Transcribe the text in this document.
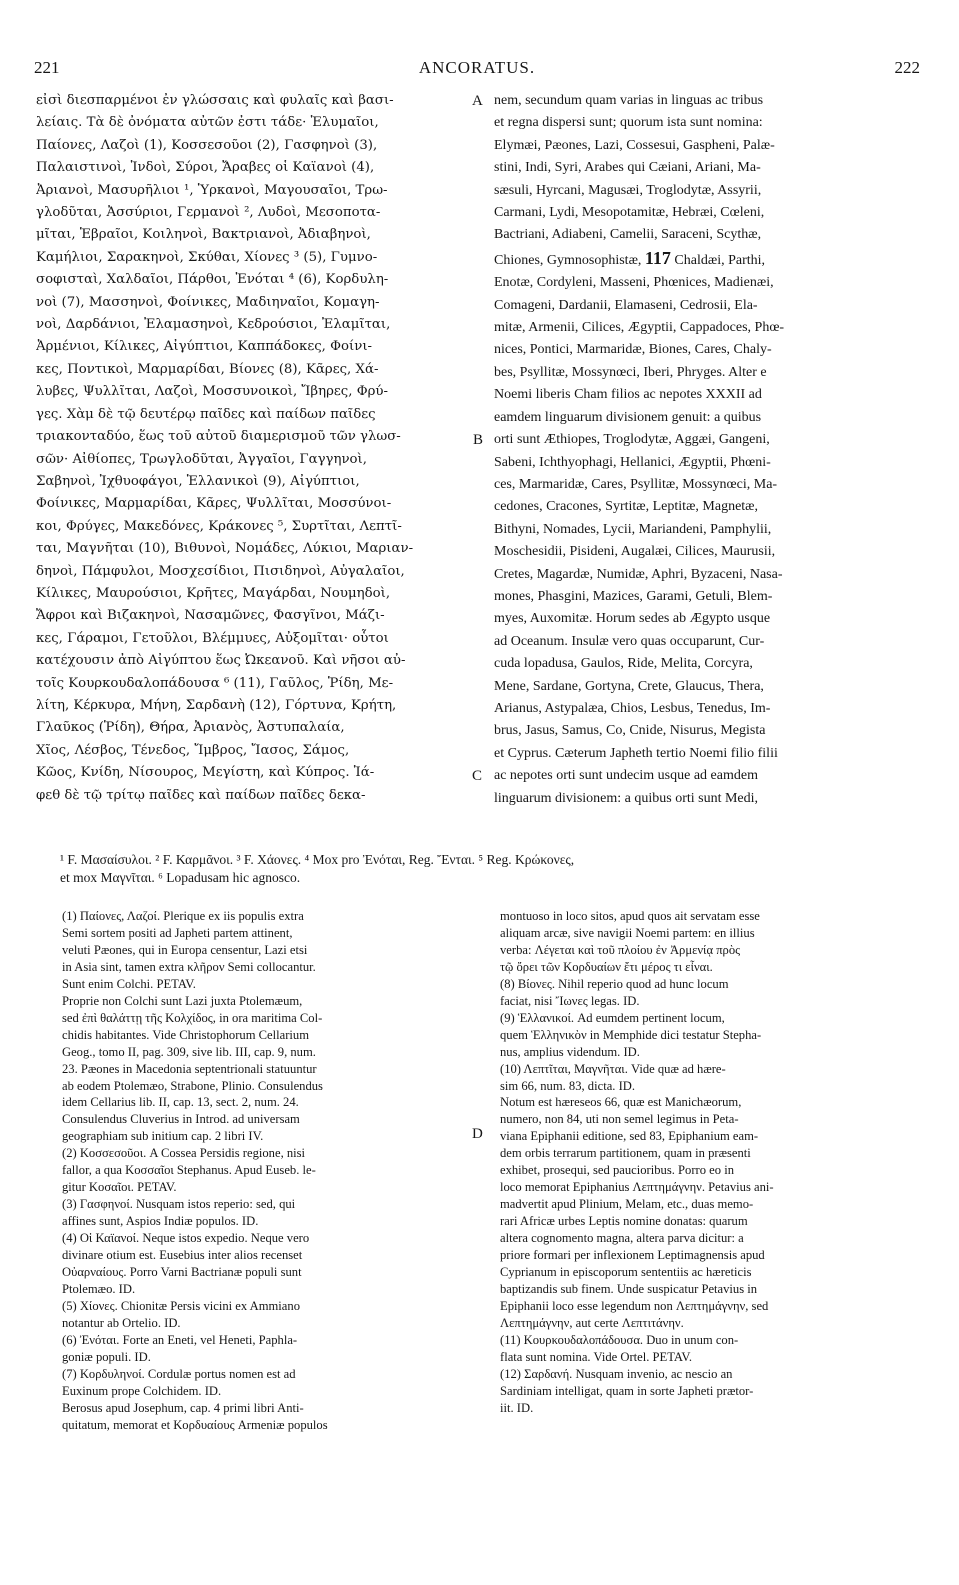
221	ANCORATUS.	222
εἰσὶ διεσπαρμένοι ἐν γλώσσαις καὶ φυλαῖς καὶ βασι-
λείαις. Τὰ δὲ ὀνόματα αὐτῶν ἐστι τάδε· Ἐλυμαῖοι,
Παίονες, Λαζοὶ (1), Κοσσεσοῦοι (2), Γασφηνοὶ (3),
Παλαιστινοὶ, Ἰνδοὶ, Σύροι, Ἄραβες οἱ Καϊανοὶ (4),
Ἀριανοὶ, Μασυρῆλιοι ¹, Ὑρκανοὶ, Μαγουσαῖοι, Τρω-
γλοδῦται, Ἀσσύριοι, Γερμανοὶ ², Λυδοὶ, Μεσοποτα-
μῖται, Ἑβραῖοι, Κοιληνοὶ, Βακτριανοὶ, Ἀδιαβηνοὶ,
Καμήλιοι, Σαρακηνοὶ, Σκύθαι, Χίονες ³ (5), Γυμνο-
σοφισταὶ, Χαλδαῖοι, Πάρθοι, Ἐνόται ⁴ (6), Κορδυλη-
νοὶ (7), Μασσηνοὶ, Φοίνικες, Μαδιηναῖοι, Κομαγη-
νοὶ, Δαρδάνιοι, Ἐλαμασηνοὶ, Κεδρούσιοι, Ἐλαμῖται,
Ἀρμένιοι, Κίλικες, Αἰγύπτιοι, Καππάδοκες, Φοίνι-
κες, Ποντικοὶ, Μαρμαρίδαι, Βίονες (8), Κᾶρες, Χά-
λυβες, Ψυλλῖται, Λαζοὶ, Μοσσυνοικοὶ, Ἴβηρες, Φρύ-
γες. Χὰμ δὲ τῷ δευτέρῳ παῖδες καὶ παίδων παῖδες
τριακονταδύο, ἕως τοῦ αὐτοῦ διαμερισμοῦ τῶν γλωσ-
σῶν· Αἰθίοπες, Τρωγλοδῦται, Ἀγγαῖοι, Γαγγηνοὶ,
Σαβηνοὶ, Ἰχθυοφάγοι, Ἑλλανικοὶ (9), Αἰγύπτιοι,
Φοίνικες, Μαρμαρίδαι, Κᾶρες, Ψυλλῖται, Μοσσύνοι-
κοι, Φρύγες, Μακεδόνες, Κράκονες ⁵, Συρτῖται, Λεπτῖ-
ται, Μαγνῆται (10), Βιθυνοὶ, Νομάδες, Λύκιοι, Μαριαν-
δηνοὶ, Πάμφυλοι, Μοσχεσίδιοι, Πισιδηνοὶ, Αὐγαλαῖοι,
Κίλικες, Μαυρούσιοι, Κρῆτες, Μαγάρδαι, Νουμηδοὶ,
Ἄφροι καὶ Βιζακηνοὶ, Νασαμῶνες, Φασγῖνοι, Μάζι-
κες, Γάραμοι, Γετοῦλοι, Βλέμμυες, Αὐξομῖται· οὗτοι
κατέχουσιν ἀπὸ Αἰγύπτου ἕως Ὠκεανοῦ. Καὶ νῆσοι αὐ-
τοῖς Κουρκουδαλοπάδουσα ⁶ (11), Γαῦλος, Ῥίδη, Με-
λίτη, Κέρκυρα, Μήνη, Σαρδανὴ (12), Γόρτυνα, Κρήτη,
Γλαῦκος (Ῥίδη), Θήρα, Ἀριανὸς, Ἀστυπαλαία,
Χῖος, Λέσβος, Τένεδος, Ἴμβρος, Ἴασος, Σάμος,
Κῶος, Κνίδη, Νίσουρος, Μεγίστη, καὶ Κύπρος. Ἰά-
φεθ δὲ τῷ τρίτῳ παῖδες καὶ παίδων παῖδες δεκα-
nem, secundum quam varias in linguas ac tribus
et regna dispersi sunt; quorum ista sunt nomina:
Elymæi, Pæones, Lazi, Cossesui, Gaspheni, Palæ-
stini, Indi, Syri, Arabes qui Cæiani, Ariani, Ma-
sæsuli, Hyrcani, Magusæi, Troglodytæ, Assyrii,
Carmani, Lydi, Mesopotamitæ, Hebræi, Cœleni,
Bactriani, Adiabeni, Camelii, Saraceni, Scythæ,
Chiones, Gymnosophistæ, 117 Chaldæi, Parthi,
Enotæ, Cordyleni, Masseni, Phœnices, Madienæi,
Comageni, Dardanii, Elamaseni, Cedrosii, Ela-
mitæ, Armenii, Cilices, Ægyptii, Cappadoces, Phœ-
nices, Pontici, Marmaridæ, Biones, Cares, Chaly-
bes, Psyllitæ, Mossynœci, Iberi, Phryges. Alter e
Noemi liberis Cham filios ac nepotes XXXII ad
eamdem linguarum divisionem genuit: a quibus
orti sunt Æthiopes, Troglodytæ, Aggæi, Gangeni,
Sabeni, Ichthyophagi, Hellanici, Ægyptii, Phœni-
ces, Marmaridæ, Cares, Psyllitæ, Mossynœci, Ma-
cedones, Cracones, Syrtitæ, Leptitæ, Magnetæ,
Bithyni, Nomades, Lycii, Mariandeni, Pamphylii,
Moschesidii, Pisideni, Augalæi, Cilices, Maurusii,
Cretes, Magardæ, Numidæ, Aphri, Byzaceni, Nasa-
mones, Phasgini, Mazices, Garami, Getuli, Blem-
myes, Auxomitæ. Horum sedes ab Ægypto usque
ad Oceanum. Insulæ vero quas occuparunt, Cur-
cuda lopadusa, Gaulos, Ride, Melita, Corcyra,
Mene, Sardane, Gortyna, Crete, Glaucus, Thera,
Arianus, Astypalæa, Chios, Lesbus, Tenedus, Im-
brus, Jasus, Samus, Co, Cnide, Nisurus, Megista
et Cyprus. Cæterum Japheth tertio Noemi filio filii
ac nepotes orti sunt undecim usque ad eamdem
linguarum divisionem: a quibus orti sunt Medi,
A
B
C
D
¹ F. Μασαίσυλοι. ² F. Καρμᾶνοι. ³ F. Χάονες. ⁴ Mox pro Ἐνόται, Reg. Ἔνται. ⁵ Reg. Κρώκονες,
et mox Μαγνῖται. ⁶ Lopadusam hic agnosco.
(1) Παίονες, Λαζοί. Plerique ex iis populis extra
Semi sortem positi ad Japheti partem attinent,
veluti Pæones, qui in Europa censentur, Lazi etsi
in Asia sint, tamen extra κλῆρον Semi collocantur.
Sunt enim Colchi. PETAV.
Proprie non Colchi sunt Lazi juxta Ptolemæum,
sed ἐπὶ θαλάττῃ τῆς Κολχίδος, in ora maritima Col-
chidis habitantes. Vide Christophorum Cellarium
Geog., tomo II, pag. 309, sive lib. III, cap. 9, num.
23. Pæones in Macedonia septentrionali statuuntur
ab eodem Ptolemæo, Strabone, Plinio. Consulendus
idem Cellarius lib. II, cap. 13, sect. 2, num. 24.
Consulendus Cluverius in Introd. ad universam
geographiam sub initium cap. 2 libri IV.
(2) Κοσσεσοῦοι. A Cossea Persidis regione, nisi
fallor, a qua Κοσσαῖοι Stephanus. Apud Euseb. le-
gitur Κοσαῖοι. PETAV.
(3) Γασφηνοί. Nusquam istos reperio: sed, qui
affines sunt, Aspios Indiæ populos. ID.
(4) Οἱ Καϊανοί. Neque istos expedio. Neque vero
divinare otium est. Eusebius inter alios recenset
Οὐαρναίους. Porro Varni Bactrianæ populi sunt
Ptolemæo. ID.
(5) Χίονες. Chionitæ Persis vicini ex Ammiano
notantur ab Ortelio. ID.
(6) Ἐνόται. Forte an Eneti, vel Heneti, Paphla-
goniæ populi. ID.
(7) Κορδυληνοί. Cordulæ portus nomen est ad
Euxinum prope Colchidem. ID.
Berosus apud Josephum, cap. 4 primi libri Anti-
quitatum, memorat et Κορδυαίους Armeniæ populos
montuoso in loco sitos, apud quos ait servatam esse
aliquam arcæ, sive navigii Noemi partem: en illius
verba: Λέγεται καὶ τοῦ πλοίου ἐν Ἀρμενίᾳ πρὸς
τῷ ὄρει τῶν Κορδυαίων ἔτι μέρος τι εἶναι.
(8) Βίονες. Nihil reperio quod ad hunc locum
faciat, nisi Ἴωνες legas. ID.
(9) Ἑλλανικοί. Ad eumdem pertinent locum,
quem Ἑλληνικὸν in Memphide dici testatur Stepha-
nus, amplius videndum. ID.
(10) Λεπτῖται, Μαγνῆται. Vide quæ ad hære-
sim 66, num. 83, dicta. ID.
Notum est hæreseos 66, quæ est Manichæorum,
numero, non 84, uti non semel legimus in Peta-
viana Epiphanii editione, sed 83, Epiphanium eam-
dem orbis terrarum partitionem, quam in præsenti
exhibet, prosequi, sed paucioribus. Porro eo in
loco memorat Epiphanius Λεπτημάγνην. Petavius ani-
madvertit apud Plinium, Melam, etc., duas memo-
rari Africæ urbes Leptis nomine donatas: quarum
altera cognomento magna, altera parva dicitur: a
priore formari per inflexionem Leptimagnensis apud
Cyprianum in episcoporum sententiis ac hæreticis
baptizandis sub finem. Unde suspicatur Petavius in
Epiphanii loco esse legendum non Λεπτημάγνην, sed
Λεπτημάγνην, aut certe Λεπτιτάνην.
(11) Κουρκουδαλοπάδουσα. Duo in unum con-
flata sunt nomina. Vide Ortel. PETAV.
(12) Σαρδανή. Nusquam invenio, ac nescio an
Sardiniam intelligat, quam in sorte Japheti prætor-
iit. ID.
